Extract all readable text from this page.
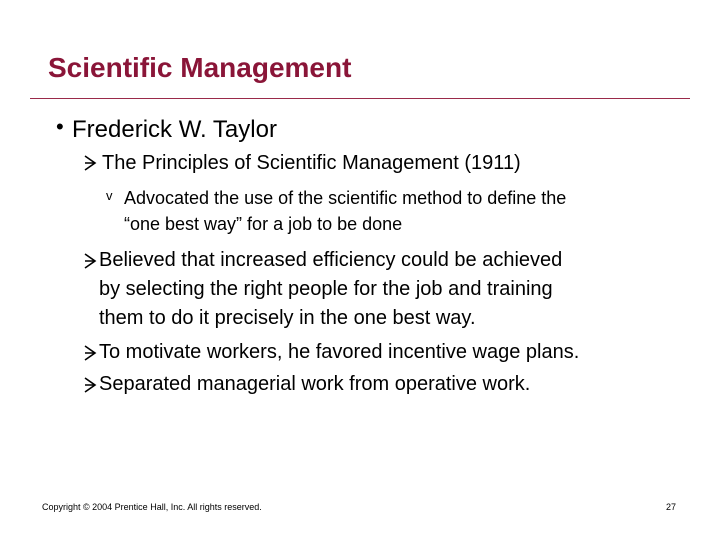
Scientific Management
• Frederick W. Taylor
The Principles of Scientific Management (1911)
v Advocated the use of the scientific method to define the
“one best way” for a job to be done
Believed that increased efficiency could be achieved
by selecting the right people for the job and training
them to do it precisely in the one best way.
To motivate workers, he favored incentive wage plans.
Separated managerial work from operative work.
Copyright © 2004 Prentice Hall, Inc. All rights reserved.	27
